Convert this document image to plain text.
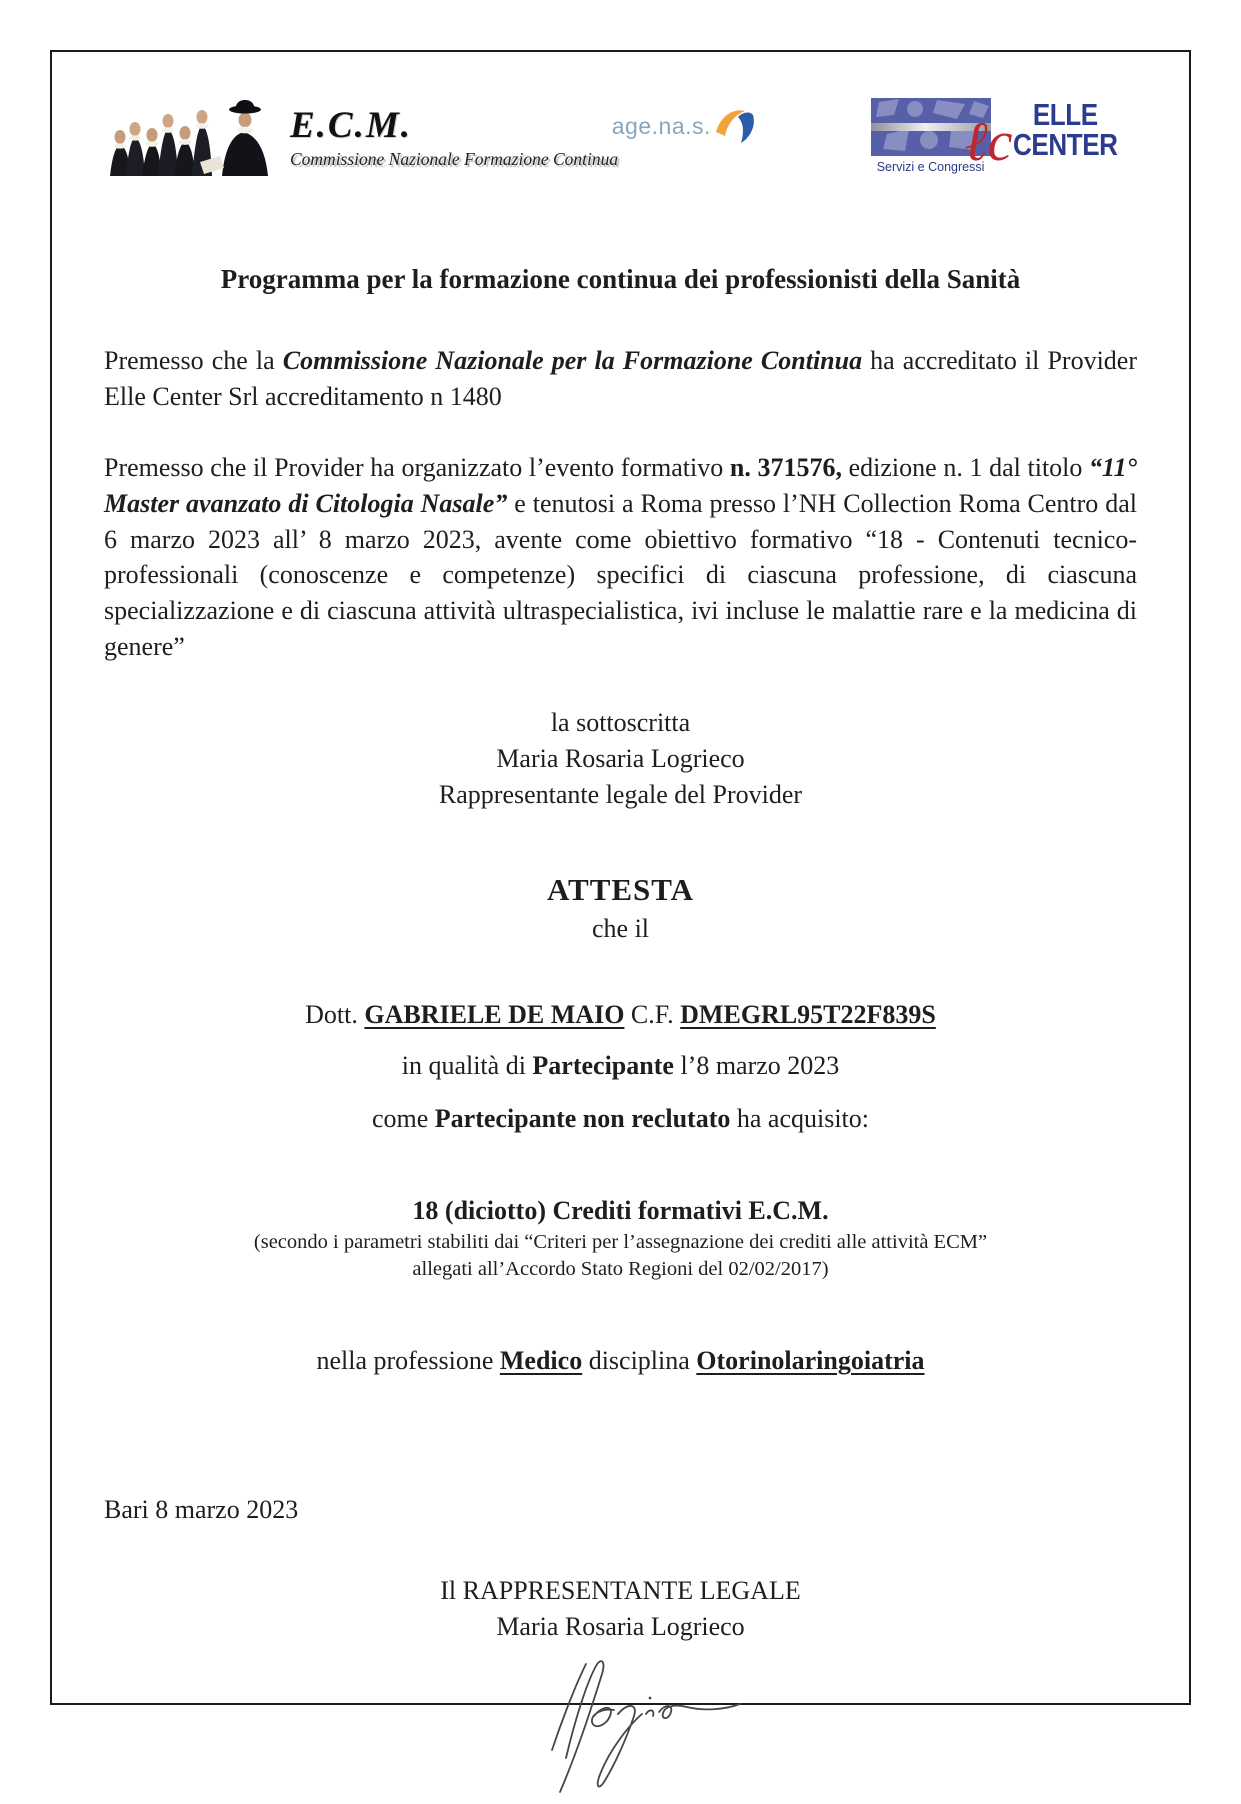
E.C.M.
Commissione Nazionale Formazione Continua
age.na.s.	ℓc
Servizi e Congressi
ELLE
CENTER
Programma per la formazione continua dei professionisti della Sanità

Premesso che la Commissione Nazionale per la Formazione Continua ha accreditato il Provider Elle Center Srl accreditamento n 1480

Premesso che il Provider ha organizzato l’evento formativo n. 371576, edizione n. 1 dal titolo “11° Master avanzato di Citologia Nasale” e tenutosi a Roma presso l’NH Collection Roma Centro dal 6 marzo 2023 all’ 8 marzo 2023, avente come obiettivo formativo “18 - Contenuti tecnico-professionali (conoscenze e competenze) specifici di ciascuna professione, di ciascuna specializzazione e di ciascuna attività ultraspecialistica, ivi incluse le malattie rare e la medicina di genere”

la sottoscritta
Maria Rosaria Logrieco
Rappresentante legale del Provider
ATTESTA
che il
Dott. GABRIELE DE MAIO C.F. DMEGRL95T22F839S
in qualità di Partecipante l’8 marzo 2023
come Partecipante non reclutato ha acquisito:
18 (diciotto) Crediti formativi E.C.M.
(secondo i parametri stabiliti dai “Criteri per l’assegnazione dei crediti alle attività ECM”
allegati all’Accordo Stato Regioni del 02/02/2017)
nella professione Medico disciplina Otorinolaringoiatria
Bari 8 marzo 2023
Il RAPPRESENTANTE LEGALE
Maria Rosaria Logrieco
